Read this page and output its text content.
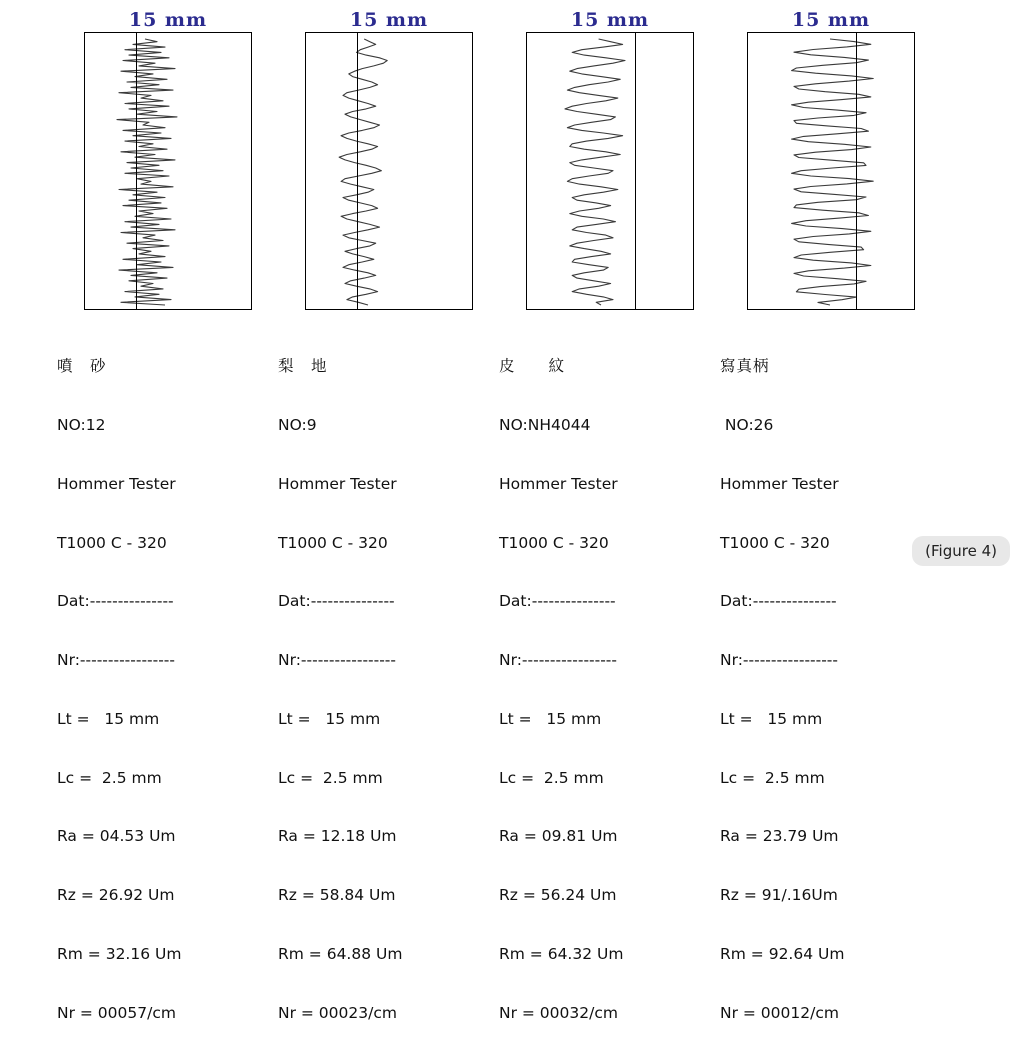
15 mm

噴　砂

NO:12

Hommer Tester

T1000 C - 320

Dat:---------------

Nr:-----------------

Lt =   15 mm

Lc =  2.5 mm

Ra = 04.53 Um

Rz = 26.92 Um

Rm = 32.16 Um

Nr = 00057/cm

15 mm

梨　地

NO:9

Hommer Tester

T1000 C - 320

Dat:---------------

Nr:-----------------

Lt =   15 mm

Lc =  2.5 mm

Ra = 12.18 Um

Rz = 58.84 Um

Rm = 64.88 Um

Nr = 00023/cm

15 mm

皮　　紋

NO:NH4044

Hommer Tester

T1000 C - 320

Dat:---------------

Nr:-----------------

Lt =   15 mm

Lc =  2.5 mm

Ra = 09.81 Um

Rz = 56.24 Um

Rm = 64.32 Um

Nr = 00032/cm

15 mm

寫真柄

NO:26

Hommer Tester

T1000 C - 320

Dat:---------------

Nr:-----------------

Lt =   15 mm

Lc =  2.5 mm

Ra = 23.79 Um

Rz = 91/.16Um

Rm = 92.64 Um

Nr = 00012/cm

(Figure 4)
